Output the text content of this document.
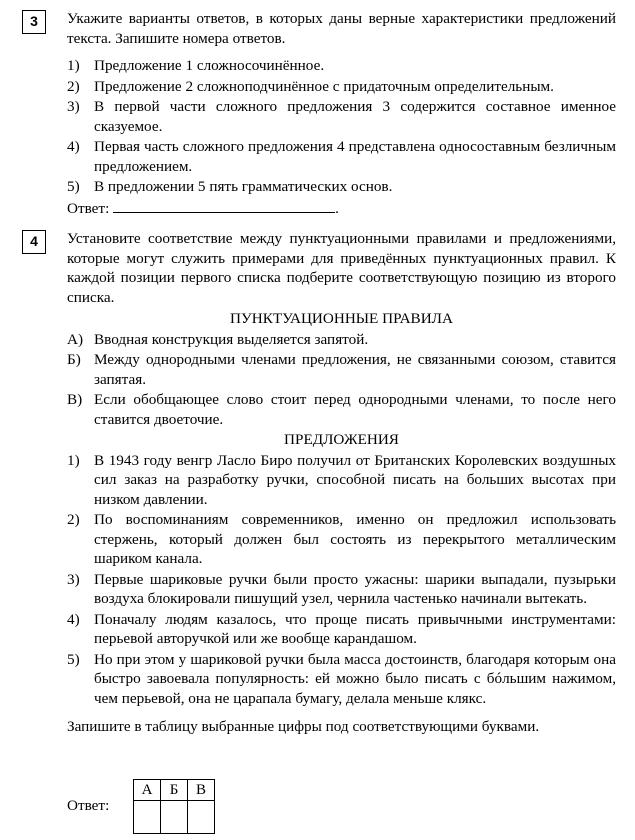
3	Укажите варианты ответов, в которых даны верные характеристики предложений текста. Запишите номера ответов.

1) Предложение 1 сложносочинённое.
2) Предложение 2 сложноподчинённое с придаточным определительным.
3) В первой части сложного предложения 3 содержится составное именное сказуемое.
4) Первая часть сложного предложения 4 представлена односоставным безличным предложением.
5) В предложении 5 пять грамматических основ.

Ответ:	.

4	Установите соответствие между пунктуационными правилами и предложениями, которые могут служить примерами для приведённых пунктуационных правил. К каждой позиции первого списка подберите соответствующую позицию из второго списка.

ПУНКТУАЦИОННЫЕ ПРАВИЛА

А) Вводная конструкция выделяется запятой.
Б) Между однородными членами предложения, не связанными союзом, ставится запятая.
В) Если обобщающее слово стоит перед однородными членами, то после него ставится двоеточие.

ПРЕДЛОЖЕНИЯ

1) В 1943 году венгр Ласло Биро получил от Британских Королевских воздушных сил заказ на разработку ручки, способной писать на больших высотах при низком давлении.
2) По воспоминаниям современников, именно он предложил использовать стержень, который должен был состоять из перекрытого металлическим шариком канала.
3) Первые шариковые ручки были просто ужасны: шарики выпадали, пузырьки воздуха блокировали пишущий узел, чернила частенько начинали вытекать.
4) Поначалу людям казалось, что проще писать привычными инструментами: перьевой авторучкой или же вообще карандашом.
5) Но при этом у шариковой ручки была масса достоинств, благодаря которым она быстро завоевала популярность: ей можно было писать с бóльшим нажимом, чем перьевой, она не царапала бумагу, делала меньше клякс.

Запишите в таблицу выбранные цифры под соответствующими буквами.

Ответ:
А	Б	В
